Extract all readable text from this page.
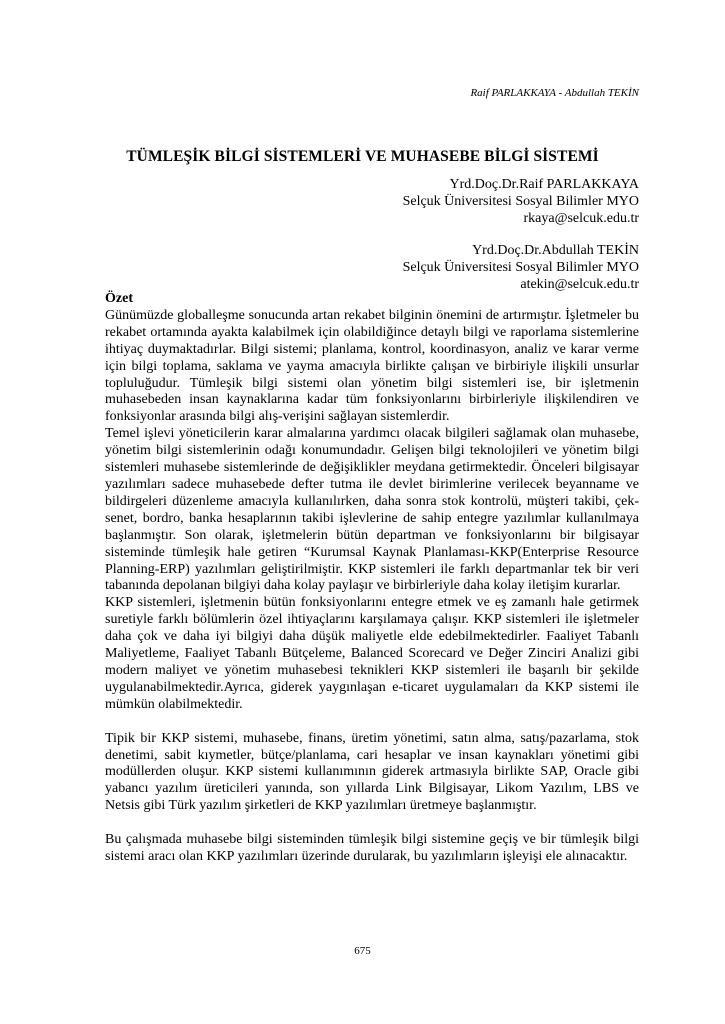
Raif PARLAKKAYA - Abdullah TEKİN
TÜMLEŞİK BİLGİ SİSTEMLERİ VE MUHASEBE BİLGİ SİSTEMİ
Yrd.Doç.Dr.Raif PARLAKKAYA
Selçuk Üniversitesi Sosyal Bilimler MYO
rkaya@selcuk.edu.tr
Yrd.Doç.Dr.Abdullah TEKİN
Selçuk Üniversitesi Sosyal Bilimler MYO
atekin@selcuk.edu.tr

Özet

Günümüzde globalleşme sonucunda artan rekabet bilginin önemini de artırmıştır. İşletmeler bu rekabet ortamında ayakta kalabilmek için olabildiğince detaylı bilgi ve raporlama sistemlerine ihtiyaç duymaktadırlar. Bilgi sistemi; planlama, kontrol, koordinasyon, analiz ve karar verme için bilgi toplama, saklama ve yayma amacıyla birlikte çalışan ve birbiriyle ilişkili unsurlar topluluğudur. Tümleşik bilgi sistemi olan yönetim bilgi sistemleri ise, bir işletmenin muhasebeden insan kaynaklarına kadar tüm fonksiyonlarını birbirleriyle ilişkilendiren ve fonksiyonlar arasında bilgi alış-verişini sağlayan sistemlerdir.

Temel işlevi yöneticilerin karar almalarına yardımcı olacak bilgileri sağlamak olan muhasebe, yönetim bilgi sistemlerinin odağı konumundadır. Gelişen bilgi teknolojileri ve yönetim bilgi sistemleri muhasebe sistemlerinde de değişiklikler meydana getirmektedir. Önceleri bilgisayar yazılımları sadece muhasebede defter tutma ile devlet birimlerine verilecek beyanname ve bildirgeleri düzenleme amacıyla kullanılırken, daha sonra stok kontrolü, müşteri takibi, çek-senet, bordro, banka hesaplarının takibi işlevlerine de sahip entegre yazılımlar kullanılmaya başlanmıştır. Son olarak, işletmelerin bütün departman ve fonksiyonlarını bir bilgisayar sisteminde tümleşik hale getiren “Kurumsal Kaynak Planlaması-KKP(Enterprise Resource Planning-ERP) yazılımları geliştirilmiştir. KKP sistemleri ile farklı departmanlar tek bir veri tabanında depolanan bilgiyi daha kolay paylaşır ve birbirleriyle daha kolay iletişim kurarlar.

KKP sistemleri, işletmenin bütün fonksiyonlarını entegre etmek ve eş zamanlı hale getirmek suretiyle farklı bölümlerin özel ihtiyaçlarını karşılamaya çalışır. KKP sistemleri ile işletmeler daha çok ve daha iyi bilgiyi daha düşük maliyetle elde edebilmektedirler. Faaliyet Tabanlı Maliyetleme, Faaliyet Tabanlı Bütçeleme, Balanced Scorecard ve Değer Zinciri Analizi gibi modern maliyet ve yönetim muhasebesi teknikleri KKP sistemleri ile başarılı bir şekilde uygulanabilmektedir.Ayrıca, giderek yaygınlaşan e-ticaret uygulamaları da KKP sistemi ile mümkün olabilmektedir.

Tipik bir KKP sistemi, muhasebe, finans, üretim yönetimi, satın alma, satış/pazarlama, stok denetimi, sabit kıymetler, bütçe/planlama, cari hesaplar ve insan kaynakları yönetimi gibi modüllerden oluşur. KKP sistemi kullanımının giderek artmasıyla birlikte SAP, Oracle gibi yabancı yazılım üreticileri yanında, son yıllarda Link Bilgisayar, Likom Yazılım, LBS ve Netsis gibi Türk yazılım şirketleri de KKP yazılımları üretmeye başlanmıştır.

Bu çalışmada muhasebe bilgi sisteminden tümleşik bilgi sistemine geçiş ve bir tümleşik bilgi sistemi aracı olan KKP yazılımları üzerinde durularak, bu yazılımların işleyişi ele alınacaktır.

675
